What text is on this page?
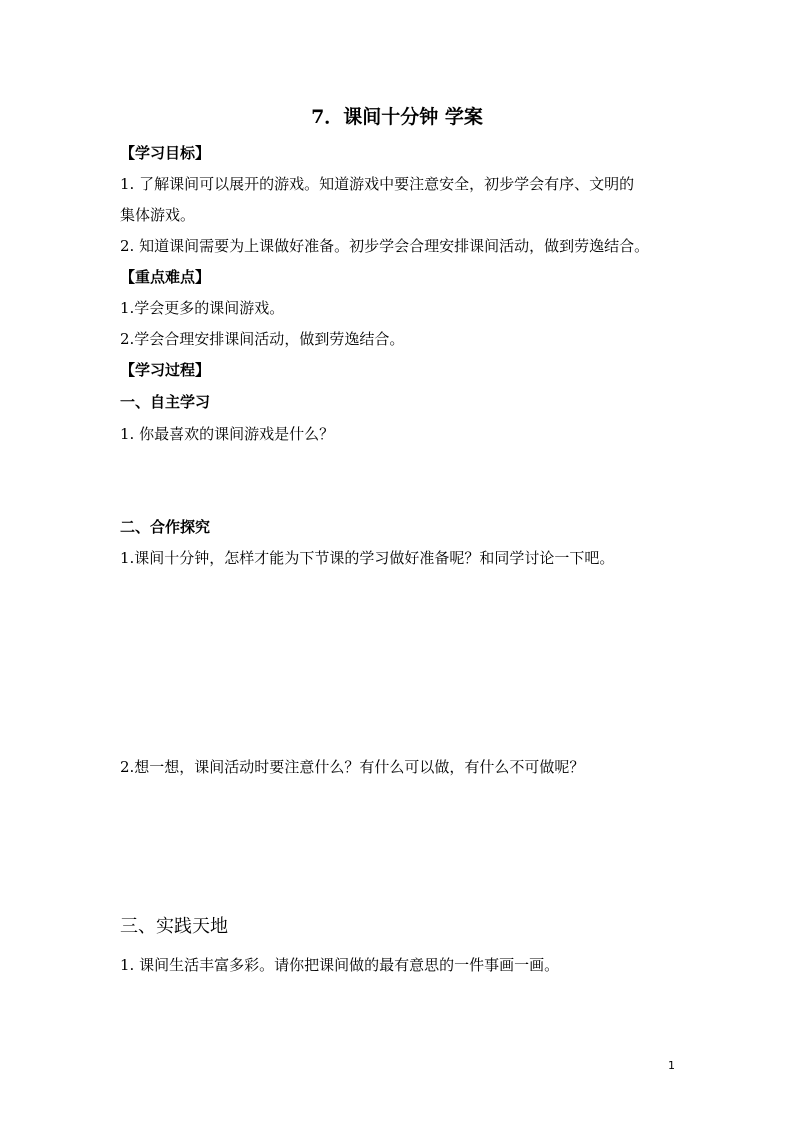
7．课间十分钟 学案
【学习目标】
1. 了解课间可以展开的游戏。知道游戏中要注意安全，初步学会有序、文明的
集体游戏。
2. 知道课间需要为上课做好准备。初步学会合理安排课间活动，做到劳逸结合。
【重点难点】
1.学会更多的课间游戏。
2.学会合理安排课间活动，做到劳逸结合。
【学习过程】
一、自主学习
1. 你最喜欢的课间游戏是什么？
二、合作探究
1.课间十分钟，怎样才能为下节课的学习做好准备呢？和同学讨论一下吧。
2.想一想，课间活动时要注意什么？有什么可以做，有什么不可做呢？
三、实践天地
1. 课间生活丰富多彩。请你把课间做的最有意思的一件事画一画。
1
